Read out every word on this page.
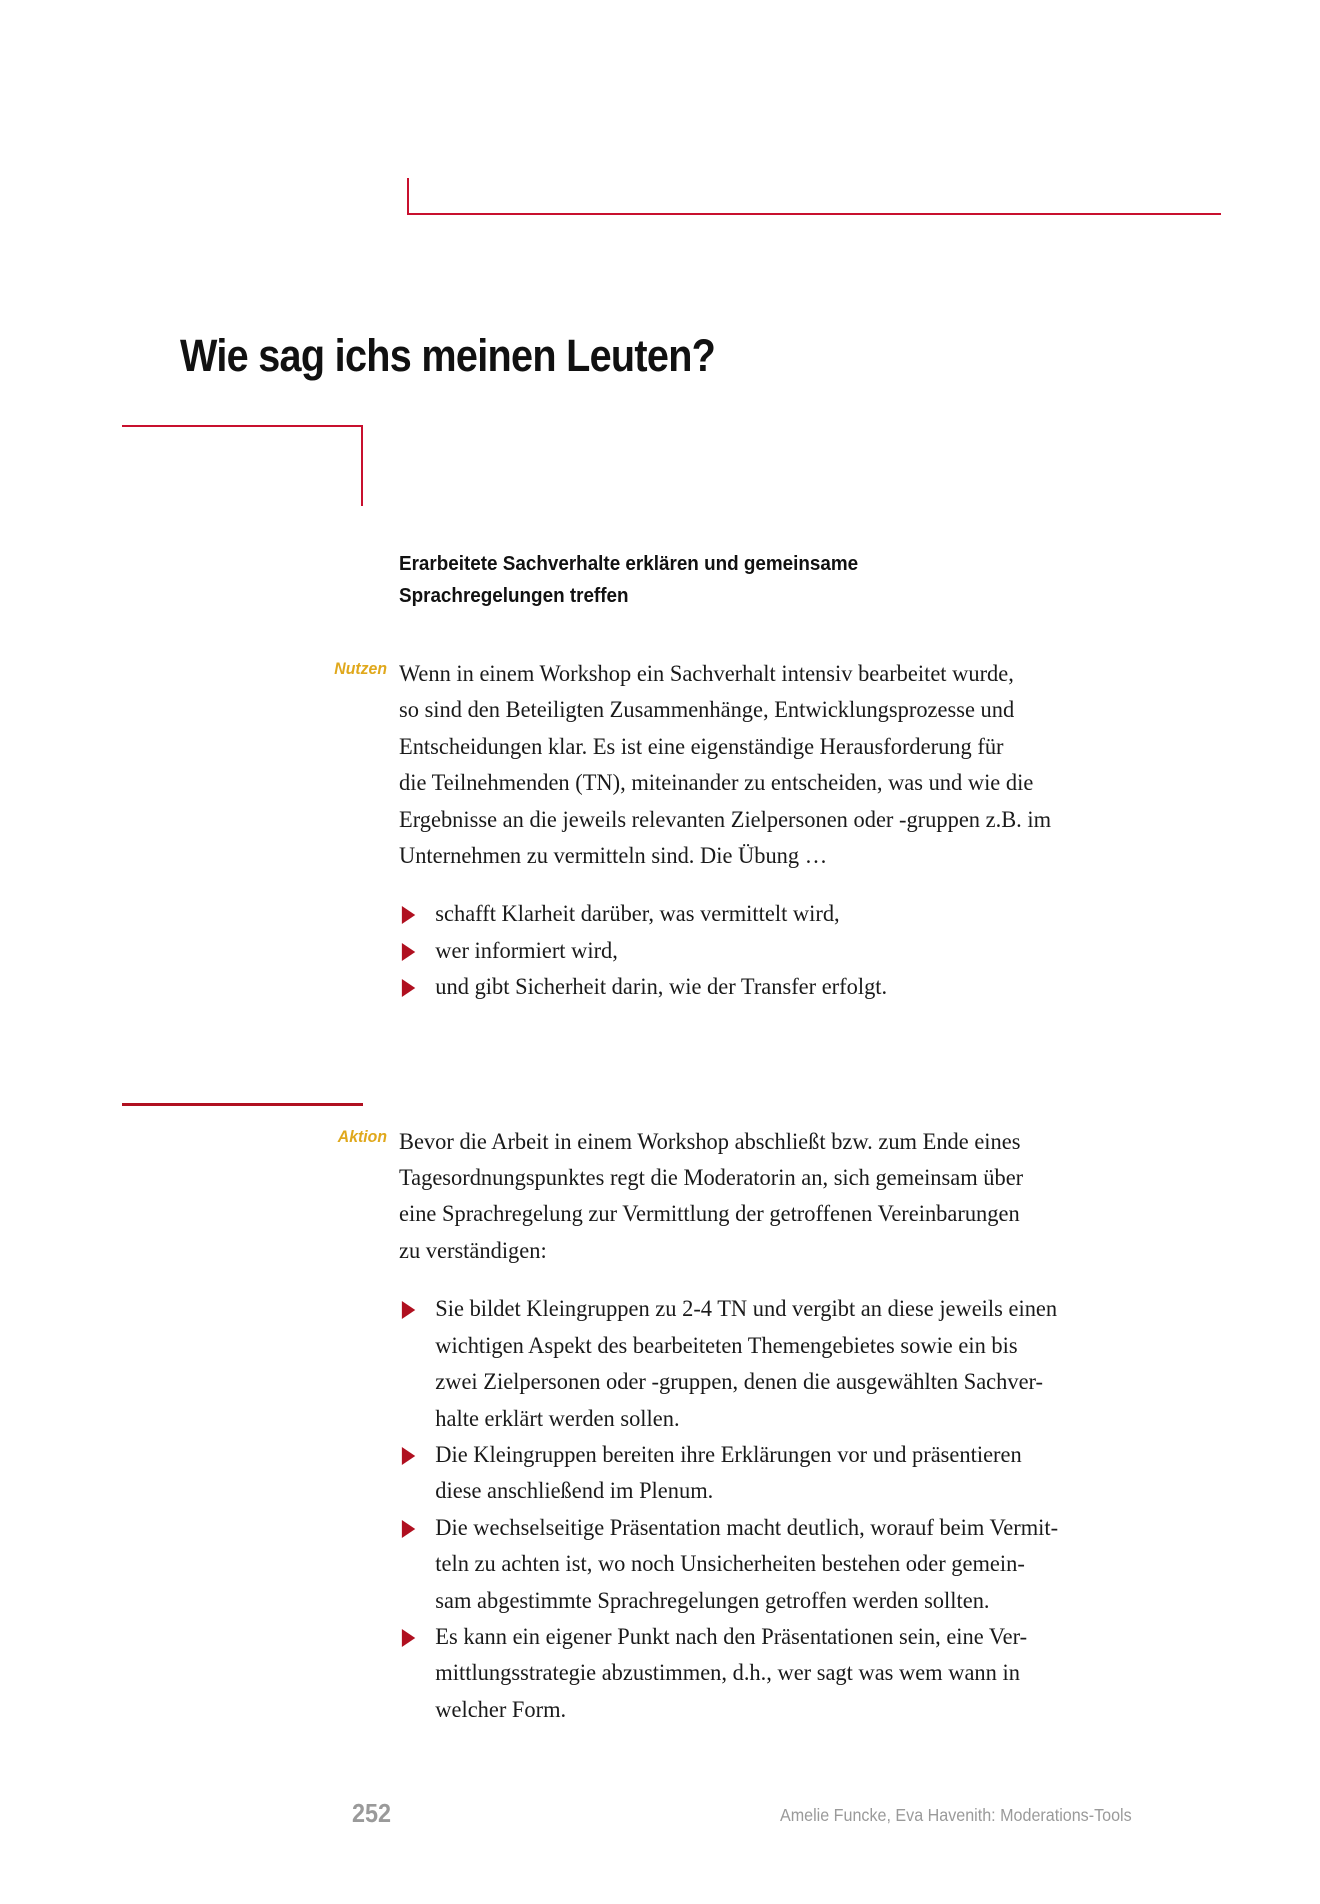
Wie sag ichs meinen Leuten?
Erarbeitete Sachverhalte erklären und gemeinsame
Sprachregelungen treffen
Nutzen Wenn in einem Workshop ein Sachverhalt intensiv bearbeitet wurde,
so sind den Beteiligten Zusammenhänge, Entwicklungsprozesse und
Entscheidungen klar. Es ist eine eigenständige Herausforderung für
die Teilnehmenden (TN), miteinander zu entscheiden, was und wie die
Ergebnisse an die jeweils relevanten Zielpersonen oder -gruppen z.B. im
Unternehmen zu vermitteln sind. Die Übung …

schafft Klarheit darüber, was vermittelt wird,
wer informiert wird,
und gibt Sicherheit darin, wie der Transfer erfolgt.
Aktion Bevor die Arbeit in einem Workshop abschließt bzw. zum Ende eines
Tagesordnungspunktes regt die Moderatorin an, sich gemeinsam über
eine Sprachregelung zur Vermittlung der getroffenen Vereinbarungen
zu verständigen:

Sie bildet Kleingruppen zu 2-4 TN und vergibt an diese jeweils einen
wichtigen Aspekt des bearbeiteten Themengebietes sowie ein bis
zwei Zielpersonen oder -gruppen, denen die ausgewählten Sachver-
halte erklärt werden sollen.
Die Kleingruppen bereiten ihre Erklärungen vor und präsentieren
diese anschließend im Plenum.
Die wechselseitige Präsentation macht deutlich, worauf beim Vermit-
teln zu achten ist, wo noch Unsicherheiten bestehen oder gemein-
sam abgestimmte Sprachregelungen getroffen werden sollten.
Es kann ein eigener Punkt nach den Präsentationen sein, eine Ver-
mittlungsstrategie abzustimmen, d.h., wer sagt was wem wann in
welcher Form.
252	Amelie Funcke, Eva Havenith: Moderations-Tools
